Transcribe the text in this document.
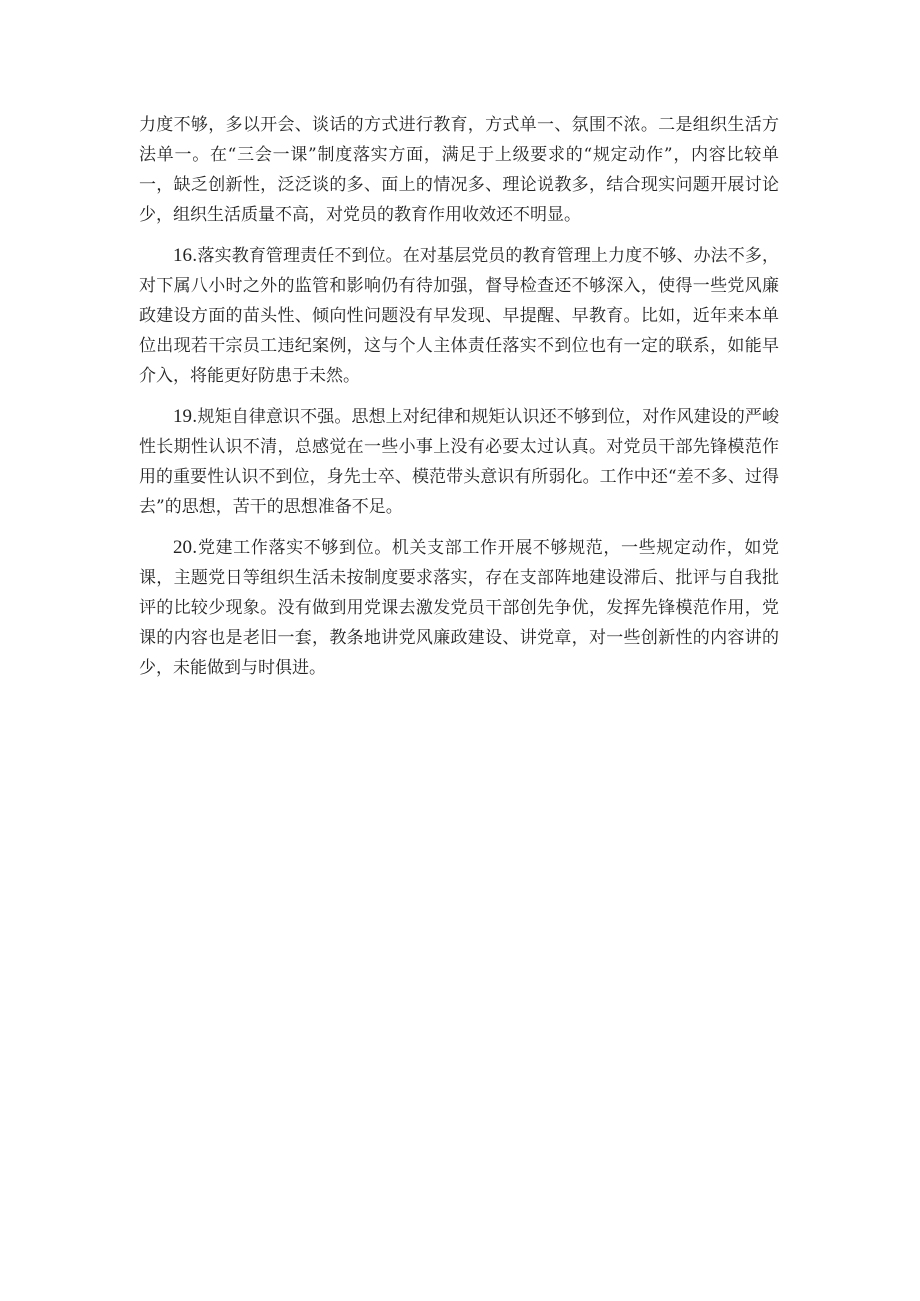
力度不够，多以开会、谈话的方式进行教育，方式单一、氛围不浓。二是组织生活方法单一。在“三会一课”制度落实方面，满足于上级要求的“规定动作”，内容比较单一，缺乏创新性，泛泛谈的多、面上的情况多、理论说教多，结合现实问题开展讨论少，组织生活质量不高，对党员的教育作用收效还不明显。

16.落实教育管理责任不到位。在对基层党员的教育管理上力度不够、办法不多，对下属八小时之外的监管和影响仍有待加强，督导检查还不够深入，使得一些党风廉政建设方面的苗头性、倾向性问题没有早发现、早提醒、早教育。比如，近年来本单位出现若干宗员工违纪案例，这与个人主体责任落实不到位也有一定的联系，如能早介入，将能更好防患于未然。

19.规矩自律意识不强。思想上对纪律和规矩认识还不够到位，对作风建设的严峻性长期性认识不清，总感觉在一些小事上没有必要太过认真。对党员干部先锋模范作用的重要性认识不到位，身先士卒、模范带头意识有所弱化。工作中还“差不多、过得去”的思想，苦干的思想准备不足。

20.党建工作落实不够到位。机关支部工作开展不够规范，一些规定动作，如党课，主题党日等组织生活未按制度要求落实，存在支部阵地建设滞后、批评与自我批评的比较少现象。没有做到用党课去激发党员干部创先争优，发挥先锋模范作用，党课的内容也是老旧一套，教条地讲党风廉政建设、讲党章，对一些创新性的内容讲的少，未能做到与时俱进。
